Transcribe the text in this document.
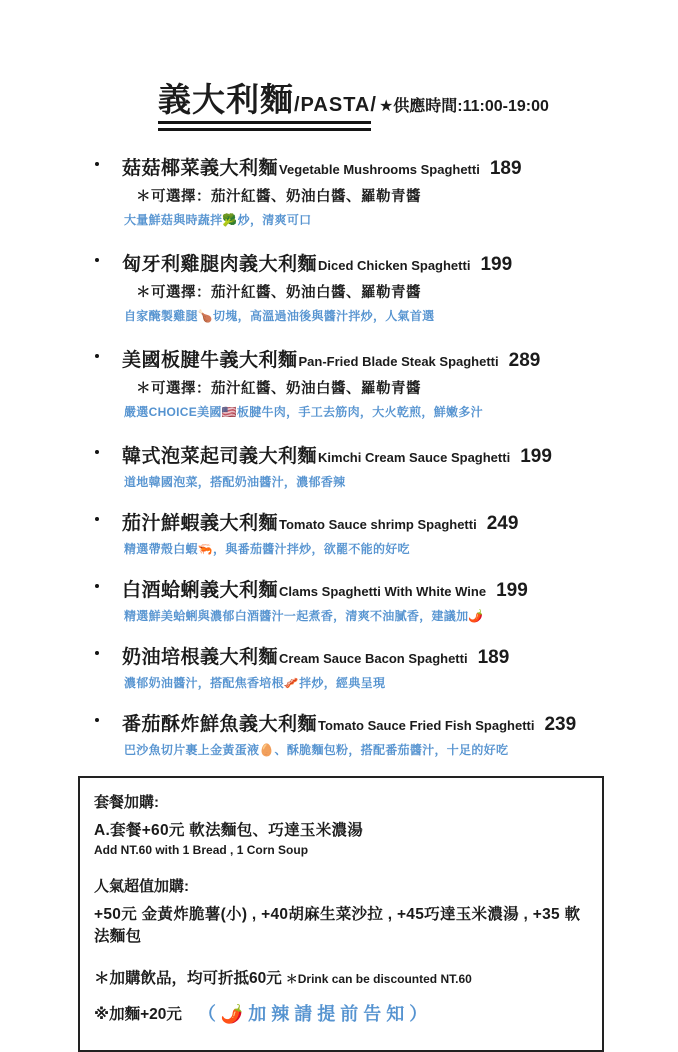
義大利麵 /PASTA/ ★供應時間:11:00-19:00
菇菇椰菜義大利麵 Vegetable Mushrooms Spaghetti 189
＊可選擇：茄汁紅醬、奶油白醬、羅勒青醬
大量鮮菇與時蔬拌🥦炒，清爽可口
匈牙利雞腿肉義大利麵 Diced Chicken Spaghetti 199
＊可選擇：茄汁紅醬、奶油白醬、羅勒青醬
自家醃製雞腿🍗切塊，高溫過油後與醬汁拌炒，人氣首選
美國板腱牛義大利麵 Pan-Fried Blade Steak Spaghetti 289
＊可選擇：茄汁紅醬、奶油白醬、羅勒青醬
嚴選CHOICE美國🇺🇸板腱牛肉，手工去筋肉，大火乾煎，鮮嫩多汁
韓式泡菜起司義大利麵 Kimchi Cream Sauce Spaghetti 199
道地韓國泡菜，搭配奶油醬汁，濃郁香辣
茄汁鮮蝦義大利麵 Tomato Sauce shrimp Spaghetti 249
精選帶殼白蝦🦐，與番茄醬汁拌炒，欲罷不能的好吃
白酒蛤蜊義大利麵 Clams Spaghetti With White Wine 199
精選鮮美蛤蜊與濃郁白酒醬汁一起煮香，清爽不油膩香，建議加🌶️
奶油培根義大利麵 Cream Sauce Bacon Spaghetti 189
濃郁奶油醬汁，搭配焦香培根🥓拌炒，經典呈現
番茄酥炸鮮魚義大利麵 Tomato Sauce Fried Fish Spaghetti 239
巴沙魚切片裹上金黃蛋液🥚、酥脆麵包粉，搭配番茄醬汁，十足的好吃
套餐加購:
A.套餐+60元 軟法麵包、巧達玉米濃湯
Add NT.60 with 1 Bread , 1 Corn Soup
人氣超值加購:
+50元 金黃炸脆薯(小) , +40胡麻生菜沙拉 , +45巧達玉米濃湯 , +35 軟法麵包
＊加購飲品，均可折抵60元 ＊Drink can be discounted NT.60
※加麵+20元 （🌶️加辣請提前告知）
